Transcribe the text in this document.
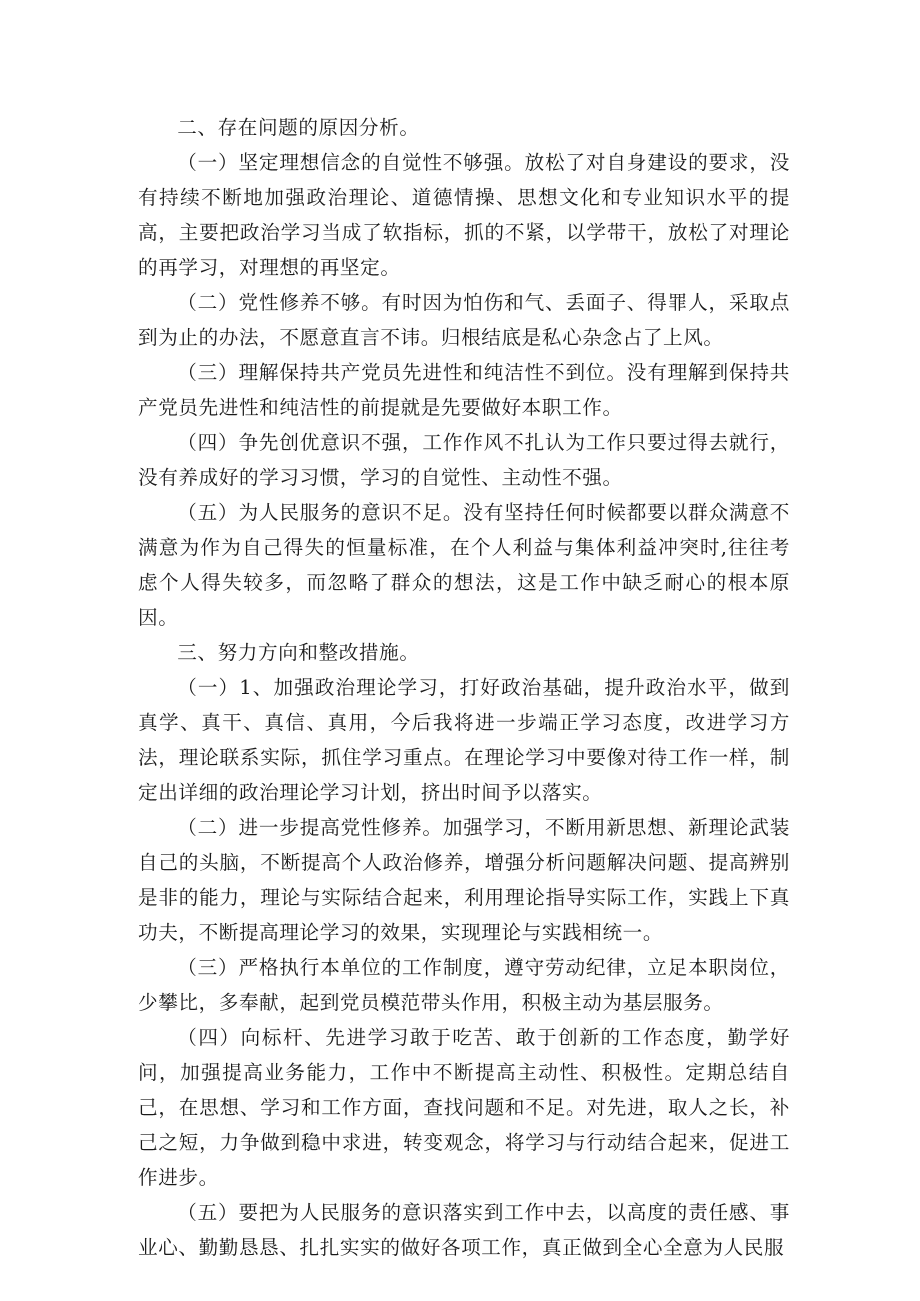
二、存在问题的原因分析。

（一）坚定理想信念的自觉性不够强。放松了对自身建设的要求，没有持续不断地加强政治理论、道德情操、思想文化和专业知识水平的提高，主要把政治学习当成了软指标，抓的不紧，以学带干，放松了对理论的再学习，对理想的再坚定。

（二）党性修养不够。有时因为怕伤和气、丢面子、得罪人，采取点到为止的办法，不愿意直言不讳。归根结底是私心杂念占了上风。

（三）理解保持共产党员先进性和纯洁性不到位。没有理解到保持共产党员先进性和纯洁性的前提就是先要做好本职工作。

（四）争先创优意识不强，工作作风不扎认为工作只要过得去就行，没有养成好的学习习惯，学习的自觉性、主动性不强。

（五）为人民服务的意识不足。没有坚持任何时候都要以群众满意不满意为作为自己得失的恒量标准，在个人利益与集体利益冲突时,往往考虑个人得失较多，而忽略了群众的想法，这是工作中缺乏耐心的根本原因。

三、努力方向和整改措施。

（一）1、加强政治理论学习，打好政治基础，提升政治水平，做到真学、真干、真信、真用，今后我将进一步端正学习态度，改进学习方法，理论联系实际，抓住学习重点。在理论学习中要像对待工作一样，制定出详细的政治理论学习计划，挤出时间予以落实。

（二）进一步提高党性修养。加强学习，不断用新思想、新理论武装自己的头脑，不断提高个人政治修养，增强分析问题解决问题、提高辨别是非的能力，理论与实际结合起来，利用理论指导实际工作，实践上下真功夫，不断提高理论学习的效果，实现理论与实践相统一。

（三）严格执行本单位的工作制度，遵守劳动纪律，立足本职岗位，少攀比，多奉献，起到党员模范带头作用，积极主动为基层服务。

（四）向标杆、先进学习敢于吃苦、敢于创新的工作态度，勤学好问，加强提高业务能力，工作中不断提高主动性、积极性。定期总结自己，在思想、学习和工作方面，查找问题和不足。对先进，取人之长，补己之短，力争做到稳中求进，转变观念，将学习与行动结合起来，促进工作进步。

（五）要把为人民服务的意识落实到工作中去，以高度的责任感、事业心、勤勤恳恳、扎扎实实的做好各项工作，真正做到全心全意为人民服
